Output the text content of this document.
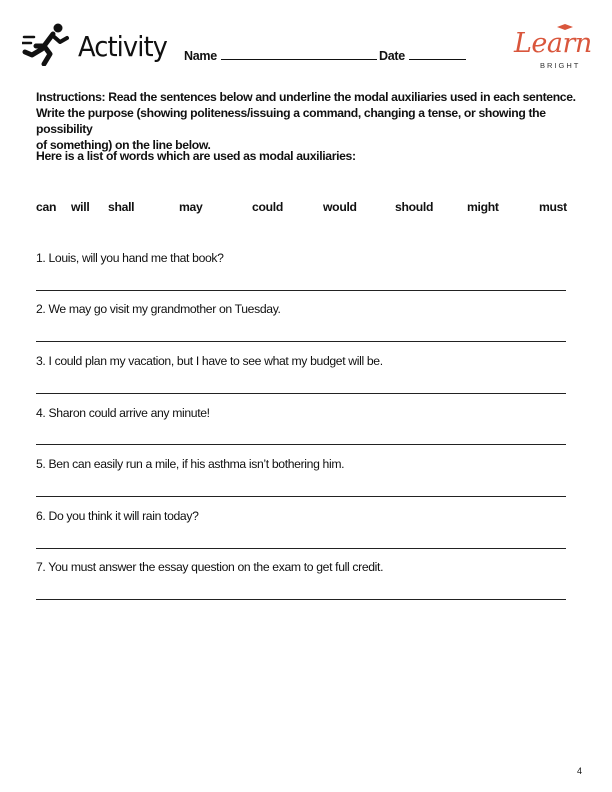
Activity Name	Date	Learn
BRIGHT
Instructions: Read the sentences below and underline the modal auxiliaries used in each sentence.
Write the purpose (showing politeness/issuing a command, changing a tense, or showing the possibility
of something) on the line below.
Here is a list of words which are used as modal auxiliaries:
can will shall	may	could	would	should	might	must
1. Louis, will you hand me that book?
2. We may go visit my grandmother on Tuesday.
3. I could plan my vacation, but I have to see what my budget will be.
4. Sharon could arrive any minute!
5. Ben can easily run a mile, if his asthma isn’t bothering him.
6. Do you think it will rain today?
7. You must answer the essay question on the exam to get full credit.
4
